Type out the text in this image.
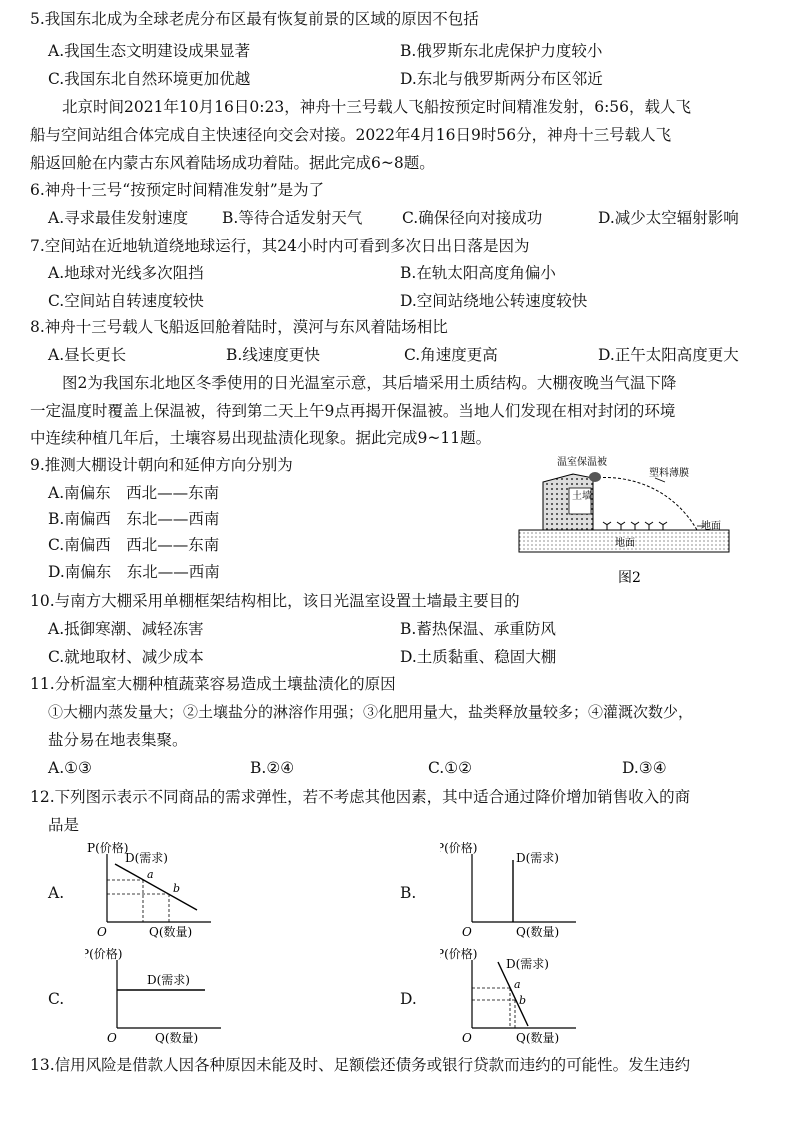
5.我国东北成为全球老虎分布区最有恢复前景的区域的原因不包括
A.我国生态文明建设成果显著	B.俄罗斯东北虎保护力度较小
C.我国东北自然环境更加优越	D.东北与俄罗斯两分布区邻近
北京时间2021年10月16日0:23，神舟十三号载人飞船按预定时间精准发射，6:56，载人飞
船与空间站组合体完成自主快速径向交会对接。2022年4月16日9时56分，神舟十三号载人飞
船返回舱在内蒙古东风着陆场成功着陆。据此完成6~8题。
6.神舟十三号“按预定时间精准发射”是为了
A.寻求最佳发射速度 B.等待合适发射天气	C.确保径向对接成功	D.减少太空辐射影响
7.空间站在近地轨道绕地球运行，其24小时内可看到多次日出日落是因为
A.地球对光线多次阻挡	B.在轨太阳高度角偏小
C.空间站自转速度较快	D.空间站绕地公转速度较快
8.神舟十三号载人飞船返回舱着陆时，漠河与东风着陆场相比
A.昼长更长	B.线速度更快	C.角速度更高	D.正午太阳高度更大
图2为我国东北地区冬季使用的日光温室示意，其后墙采用土质结构。大棚夜晚当气温下降
一定温度时覆盖上保温被，待到第二天上午9点再揭开保温被。当地人们发现在相对封闭的环境
中连续种植几年后，土壤容易出现盐渍化现象。据此完成9~11题。
9.推测大棚设计朝向和延伸方向分别为
A.南偏东　西北——东南
B.南偏西　东北——西南
C.南偏西　西北——东南
D.南偏东　东北——西南
温室保温被
塑料薄膜
土墙
地面
地面
图2
10.与南方大棚采用单棚框架结构相比，该日光温室设置土墙最主要目的
A.抵御寒潮、减轻冻害	B.蓄热保温、承重防风
C.就地取材、减少成本	D.土质黏重、稳固大棚
11.分析温室大棚种植蔬菜容易造成土壤盐渍化的原因
①大棚内蒸发量大；②土壤盐分的淋溶作用强；③化肥用量大，盐类释放量较多；④灌溉次数少，
盐分易在地表集聚。
A.①③	B.②④	C.①②	D.③④
12.下列图示表示不同商品的需求弹性，若不考虑其他因素，其中适合通过降价增加销售收入的商
品是
A.
P(价格)
D(需求)
a
b
O	Q(数量)
B.
P(价格)
D(需求)
O	Q(数量)
C.
P(价格)
D(需求)
O	Q(数量)
D.
P(价格)
D(需求)
a
b
O	Q(数量)
13.信用风险是借款人因各种原因未能及时、足额偿还债务或银行贷款而违约的可能性。发生违约
